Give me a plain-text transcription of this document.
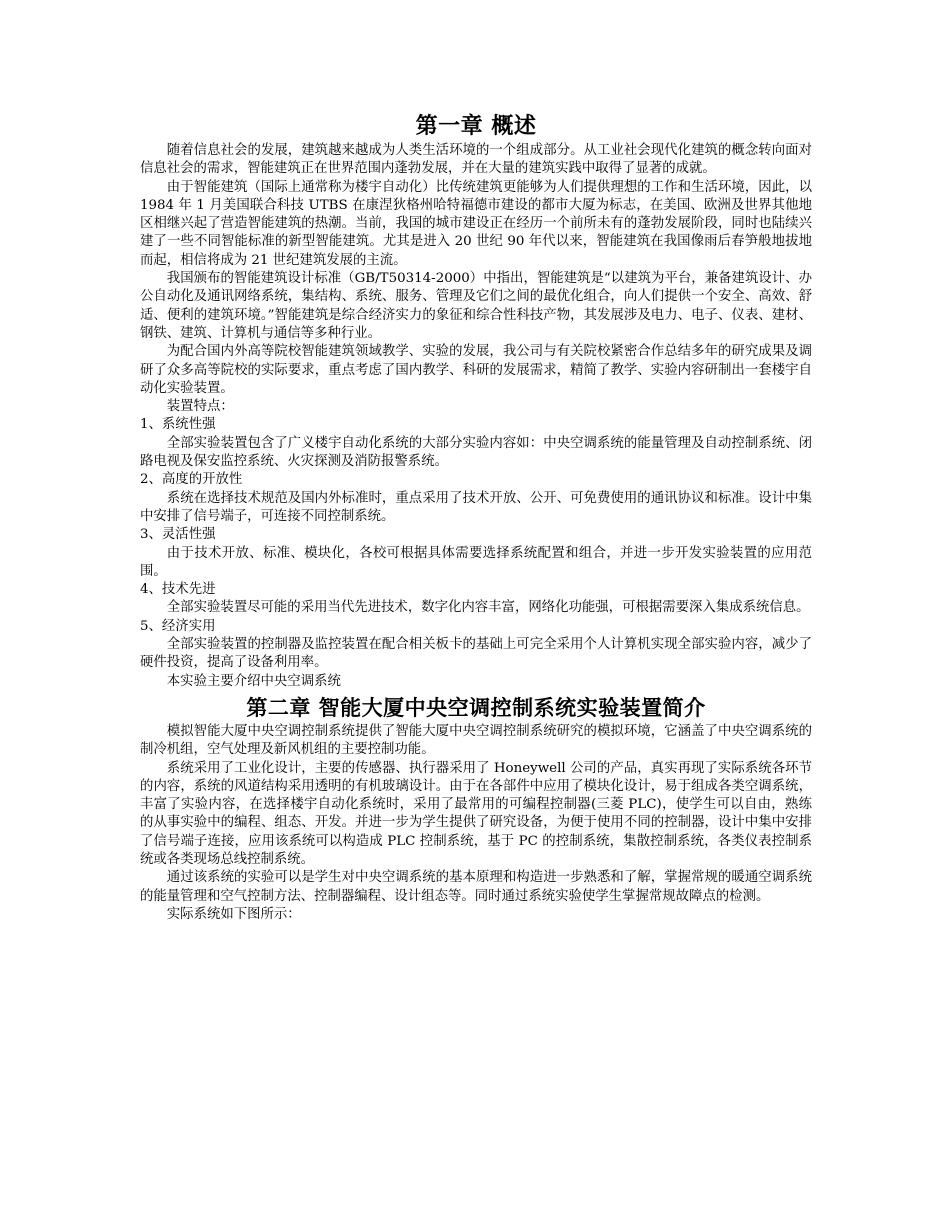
第一章 概述

随着信息社会的发展，建筑越来越成为人类生活环境的一个组成部分。从工业社会现代化建筑的概念转向面对信息社会的需求，智能建筑正在世界范围内蓬勃发展，并在大量的建筑实践中取得了显著的成就。

由于智能建筑（国际上通常称为楼宇自动化）比传统建筑更能够为人们提供理想的工作和生活环境，因此，以 1984 年 1 月美国联合科技 UTBS 在康涅狄格州哈特福德市建设的都市大厦为标志，在美国、欧洲及世界其他地区相继兴起了营造智能建筑的热潮。当前，我国的城市建设正在经历一个前所未有的蓬勃发展阶段，同时也陆续兴建了一些不同智能标准的新型智能建筑。尤其是进入 20 世纪 90 年代以来，智能建筑在我国像雨后春笋般地拔地而起，相信将成为 21 世纪建筑发展的主流。

我国颁布的智能建筑设计标准（GB/T50314-2000）中指出，智能建筑是“以建筑为平台，兼备建筑设计、办公自动化及通讯网络系统，集结构、系统、服务、管理及它们之间的最优化组合，向人们提供一个安全、高效、舒适、便利的建筑环境。”智能建筑是综合经济实力的象征和综合性科技产物，其发展涉及电力、电子、仪表、建材、钢铁、建筑、计算机与通信等多种行业。

为配合国内外高等院校智能建筑领域教学、实验的发展，我公司与有关院校紧密合作总结多年的研究成果及调研了众多高等院校的实际要求，重点考虑了国内教学、科研的发展需求，精简了教学、实验内容研制出一套楼宇自动化实验装置。

装置特点：

1、系统性强

全部实验装置包含了广义楼宇自动化系统的大部分实验内容如：中央空调系统的能量管理及自动控制系统、闭路电视及保安监控系统、火灾探测及消防报警系统。

2、高度的开放性

系统在选择技术规范及国内外标准时，重点采用了技术开放、公开、可免费使用的通讯协议和标准。设计中集中安排了信号端子，可连接不同控制系统。

3、灵活性强

由于技术开放、标准、模块化，各校可根据具体需要选择系统配置和组合，并进一步开发实验装置的应用范围。

4、技术先进

全部实验装置尽可能的采用当代先进技术，数字化内容丰富，网络化功能强，可根据需要深入集成系统信息。

5、经济实用

全部实验装置的控制器及监控装置在配合相关板卡的基础上可完全采用个人计算机实现全部实验内容，减少了硬件投资，提高了设备利用率。

本实验主要介绍中央空调系统

第二章 智能大厦中央空调控制系统实验装置简介

模拟智能大厦中央空调控制系统提供了智能大厦中央空调控制系统研究的模拟环境，它涵盖了中央空调系统的制冷机组，空气处理及新风机组的主要控制功能。

系统采用了工业化设计，主要的传感器、执行器采用了 Honeywell 公司的产品，真实再现了实际系统各环节的内容，系统的风道结构采用透明的有机玻璃设计。由于在各部件中应用了模块化设计，易于组成各类空调系统，丰富了实验内容，在选择楼宇自动化系统时，采用了最常用的可编程控制器(三菱 PLC)，使学生可以自由，熟练的从事实验中的编程、组态、开发。并进一步为学生提供了研究设备，为便于使用不同的控制器，设计中集中安排了信号端子连接，应用该系统可以构造成 PLC 控制系统，基于 PC 的控制系统，集散控制系统，各类仪表控制系统或各类现场总线控制系统。

通过该系统的实验可以是学生对中央空调系统的基本原理和构造进一步熟悉和了解，掌握常规的暖通空调系统的能量管理和空气控制方法、控制器编程、设计组态等。同时通过系统实验使学生掌握常规故障点的检测。

实际系统如下图所示：
